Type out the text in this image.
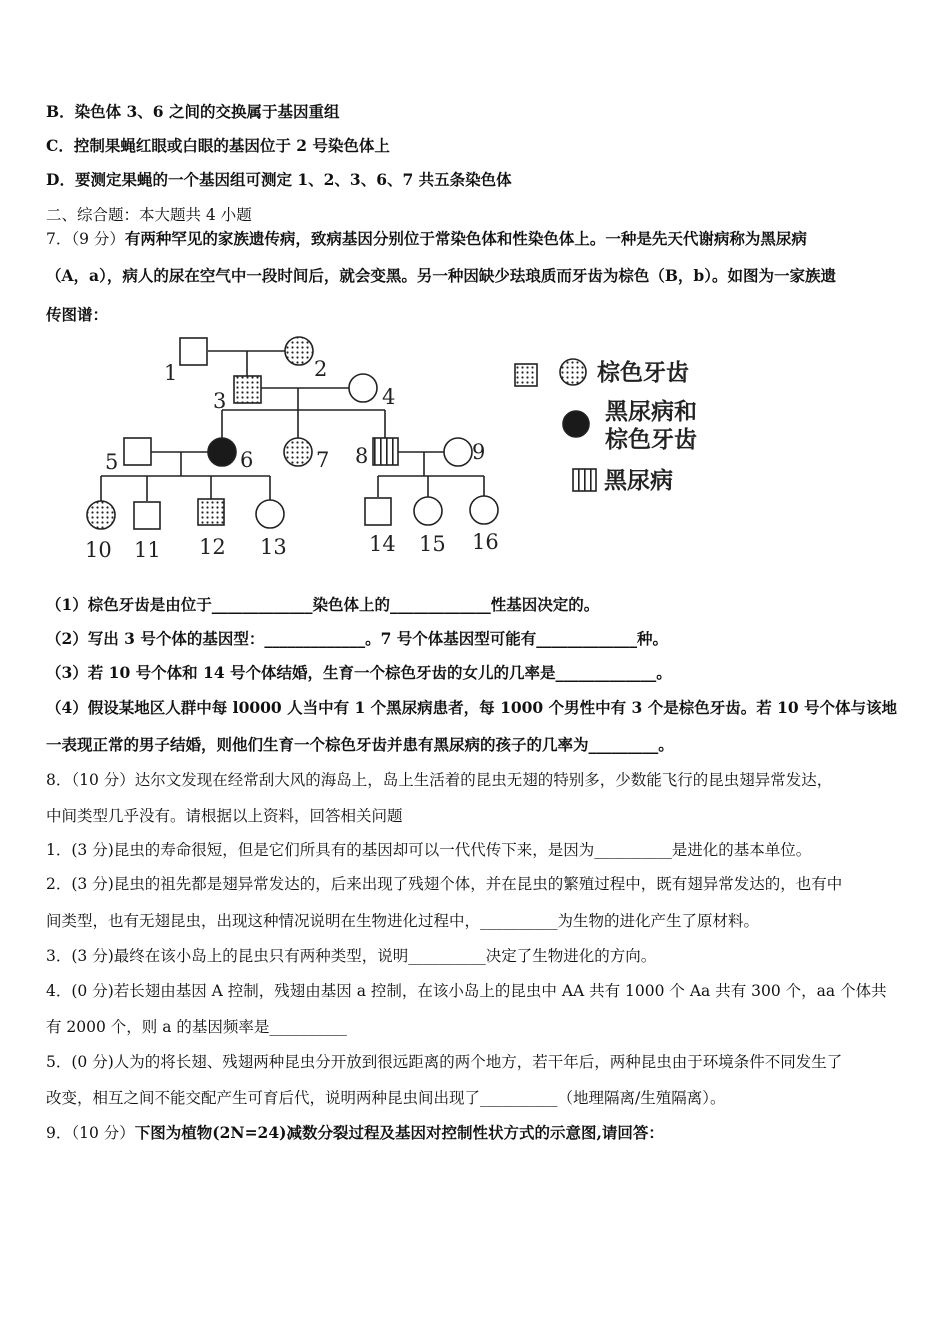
B．染色体 3、6 之间的交换属于基因重组
C．控制果蝇红眼或白眼的基因位于 2 号染色体上
D．要测定果蝇的一个基因组可测定 1、2、3、6、7 共五条染色体
二、综合题：本大题共 4 小题
7．（9 分）有两种罕见的家族遗传病，致病基因分别位于常染色体和性染色体上。一种是先天代谢病称为黑尿病
（A，a），病人的尿在空气中一段时间后，就会变黑。另一种因缺少珐琅质而牙齿为棕色（B，b）。如图为一家族遗
传图谱：
1	2
3	4
5	6	7 8	9
10 11 12 13	14 15 16
棕色牙齿
黑尿病和
棕色牙齿
黑尿病
（1）棕色牙齿是由位于_____________染色体上的_____________性基因决定的。
（2）写出 3 号个体的基因型：_____________。7 号个体基因型可能有_____________种。
（3）若 10 号个体和 14 号个体结婚，生育一个棕色牙齿的女儿的几率是_____________。
（4）假设某地区人群中每 l0000 人当中有 1 个黑尿病患者，每 1000 个男性中有 3 个是棕色牙齿。若 10 号个体与该地
一表现正常的男子结婚，则他们生育一个棕色牙齿并患有黑尿病的孩子的几率为_________。
8．（10 分）达尔文发现在经常刮大风的海岛上，岛上生活着的昆虫无翅的特别多，少数能飞行的昆虫翅异常发达，
中间类型几乎没有。请根据以上资料，回答相关问题
1．(3 分)昆虫的寿命很短，但是它们所具有的基因却可以一代代传下来，是因为__________是进化的基本单位。
2．(3 分)昆虫的祖先都是翅异常发达的，后来出现了残翅个体，并在昆虫的繁殖过程中，既有翅异常发达的，也有中
间类型，也有无翅昆虫，出现这种情况说明在生物进化过程中，__________为生物的进化产生了原材料。
3．(3 分)最终在该小岛上的昆虫只有两种类型，说明__________决定了生物进化的方向。
4．(0 分)若长翅由基因 A 控制，残翅由基因 a 控制，在该小岛上的昆虫中 AA 共有 1000 个 Aa 共有 300 个，aa 个体共
有 2000 个，则 a 的基因频率是__________
5．(0 分)人为的将长翅、残翅两种昆虫分开放到很远距离的两个地方，若干年后，两种昆虫由于环境条件不同发生了
改变，相互之间不能交配产生可育后代，说明两种昆虫间出现了__________（地理隔离/生殖隔离）。
9．（10 分）下图为植物(2N=24)减数分裂过程及基因对控制性状方式的示意图,请回答：
